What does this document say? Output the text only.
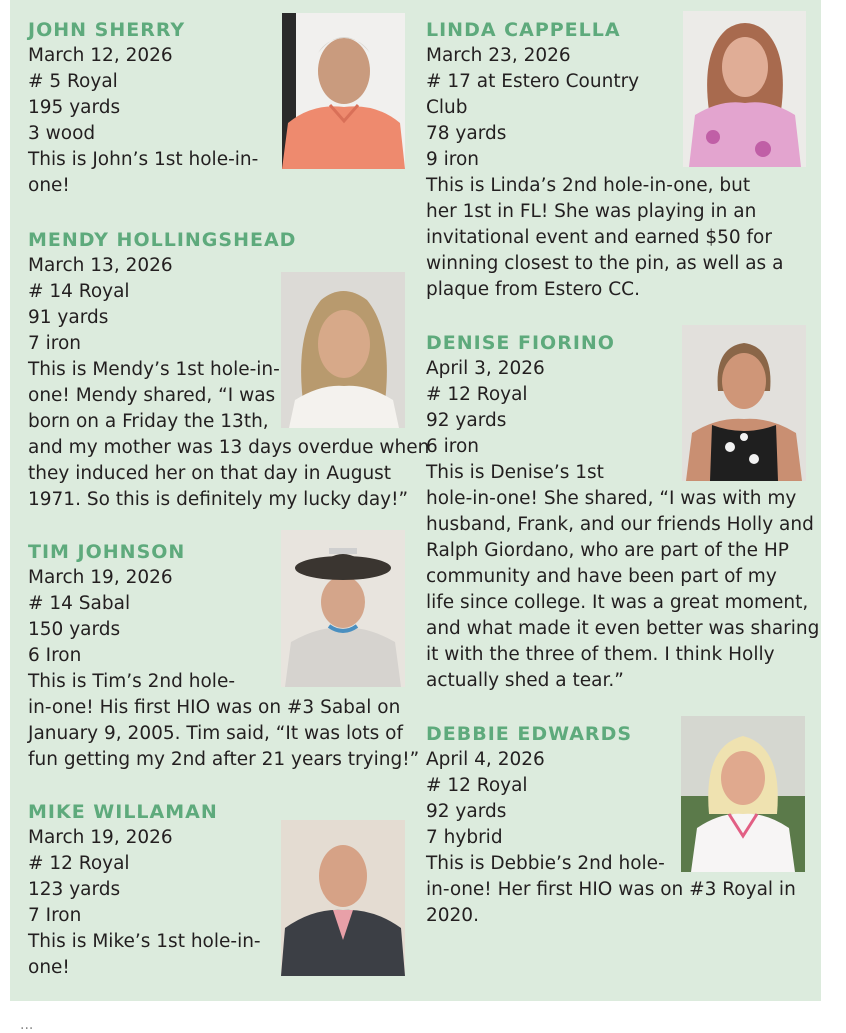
JOHN SHERRY
March 12, 2026
# 5 Royal
195 yards
3 wood
This is John’s 1st hole-in-
one!
MENDY HOLLINGSHEAD
March 13, 2026
# 14 Royal
91 yards
7 iron
This is Mendy’s 1st hole-in-
one! Mendy shared, “I was
born on a Friday the 13th,
and my mother was 13 days overdue when
they induced her on that day in August
1971. So this is definitely my lucky day!”
TIM JOHNSON
March 19, 2026
# 14 Sabal
150 yards
6 Iron
This is Tim’s 2nd hole-
in-one! His first HIO was on #3 Sabal on
January 9, 2005. Tim said, “It was lots of
fun getting my 2nd after 21 years trying!”
MIKE WILLAMAN
March 19, 2026
# 12 Royal
123 yards
7 Iron
This is Mike’s 1st hole-in-
one!
LINDA CAPPELLA
March 23, 2026
# 17 at Estero Country
Club
78 yards
9 iron
This is Linda’s 2nd hole-in-one, but
her 1st in FL! She was playing in an
invitational event and earned $50 for
winning closest to the pin, as well as a
plaque from Estero CC.
DENISE FIORINO
April 3, 2026
# 12 Royal
92 yards
6 iron
This is Denise’s 1st
hole-in-one! She shared, “I was with my
husband, Frank, and our friends Holly and
Ralph Giordano, who are part of the HP
community and have been part of my
life since college. It was a great moment,
and what made it even better was sharing
it with the three of them. I think Holly
actually shed a tear.”
DEBBIE EDWARDS
April 4, 2026
# 12 Royal
92 yards
7 hybrid
This is Debbie’s 2nd hole-
in-one! Her first HIO was on #3 Royal in
2020.
...
